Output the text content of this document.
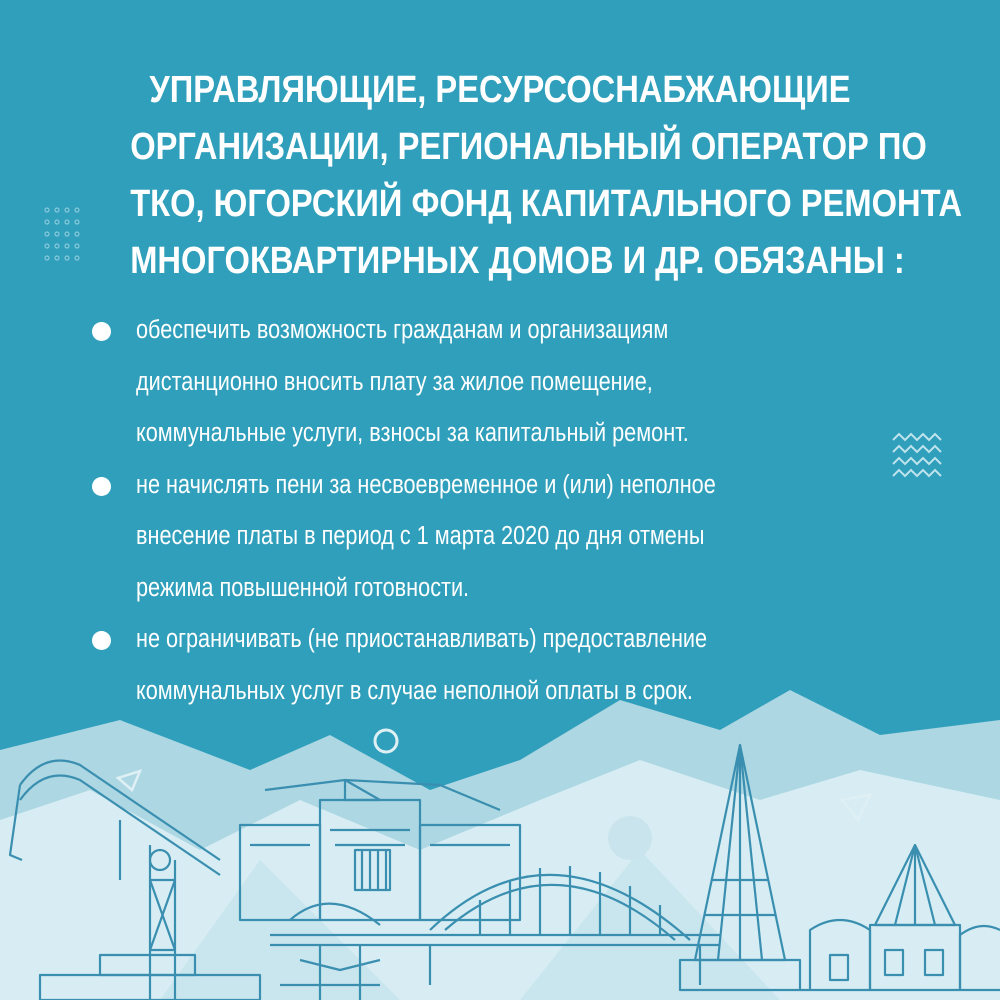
УПРАВЛЯЮЩИЕ, РЕСУРСОСНАБЖАЮЩИЕ
ОРГАНИЗАЦИИ, РЕГИОНАЛЬНЫЙ ОПЕРАТОР ПО
ТКО, ЮГОРСКИЙ ФОНД КАПИТАЛЬНОГО РЕМОНТА
МНОГОКВАРТИРНЫХ ДОМОВ И ДР. ОБЯЗАНЫ :
обеспечить возможность гражданам и организациям
дистанционно вносить плату за жилое помещение,
коммунальные услуги, взносы за капитальный ремонт.
не начислять пени за несвоевременное и (или) неполное
внесение платы в период с 1 марта 2020 до дня отмены
режима повышенной готовности.
не ограничивать (не приостанавливать) предоставление
коммунальных услуг в случае неполной оплаты в срок.
